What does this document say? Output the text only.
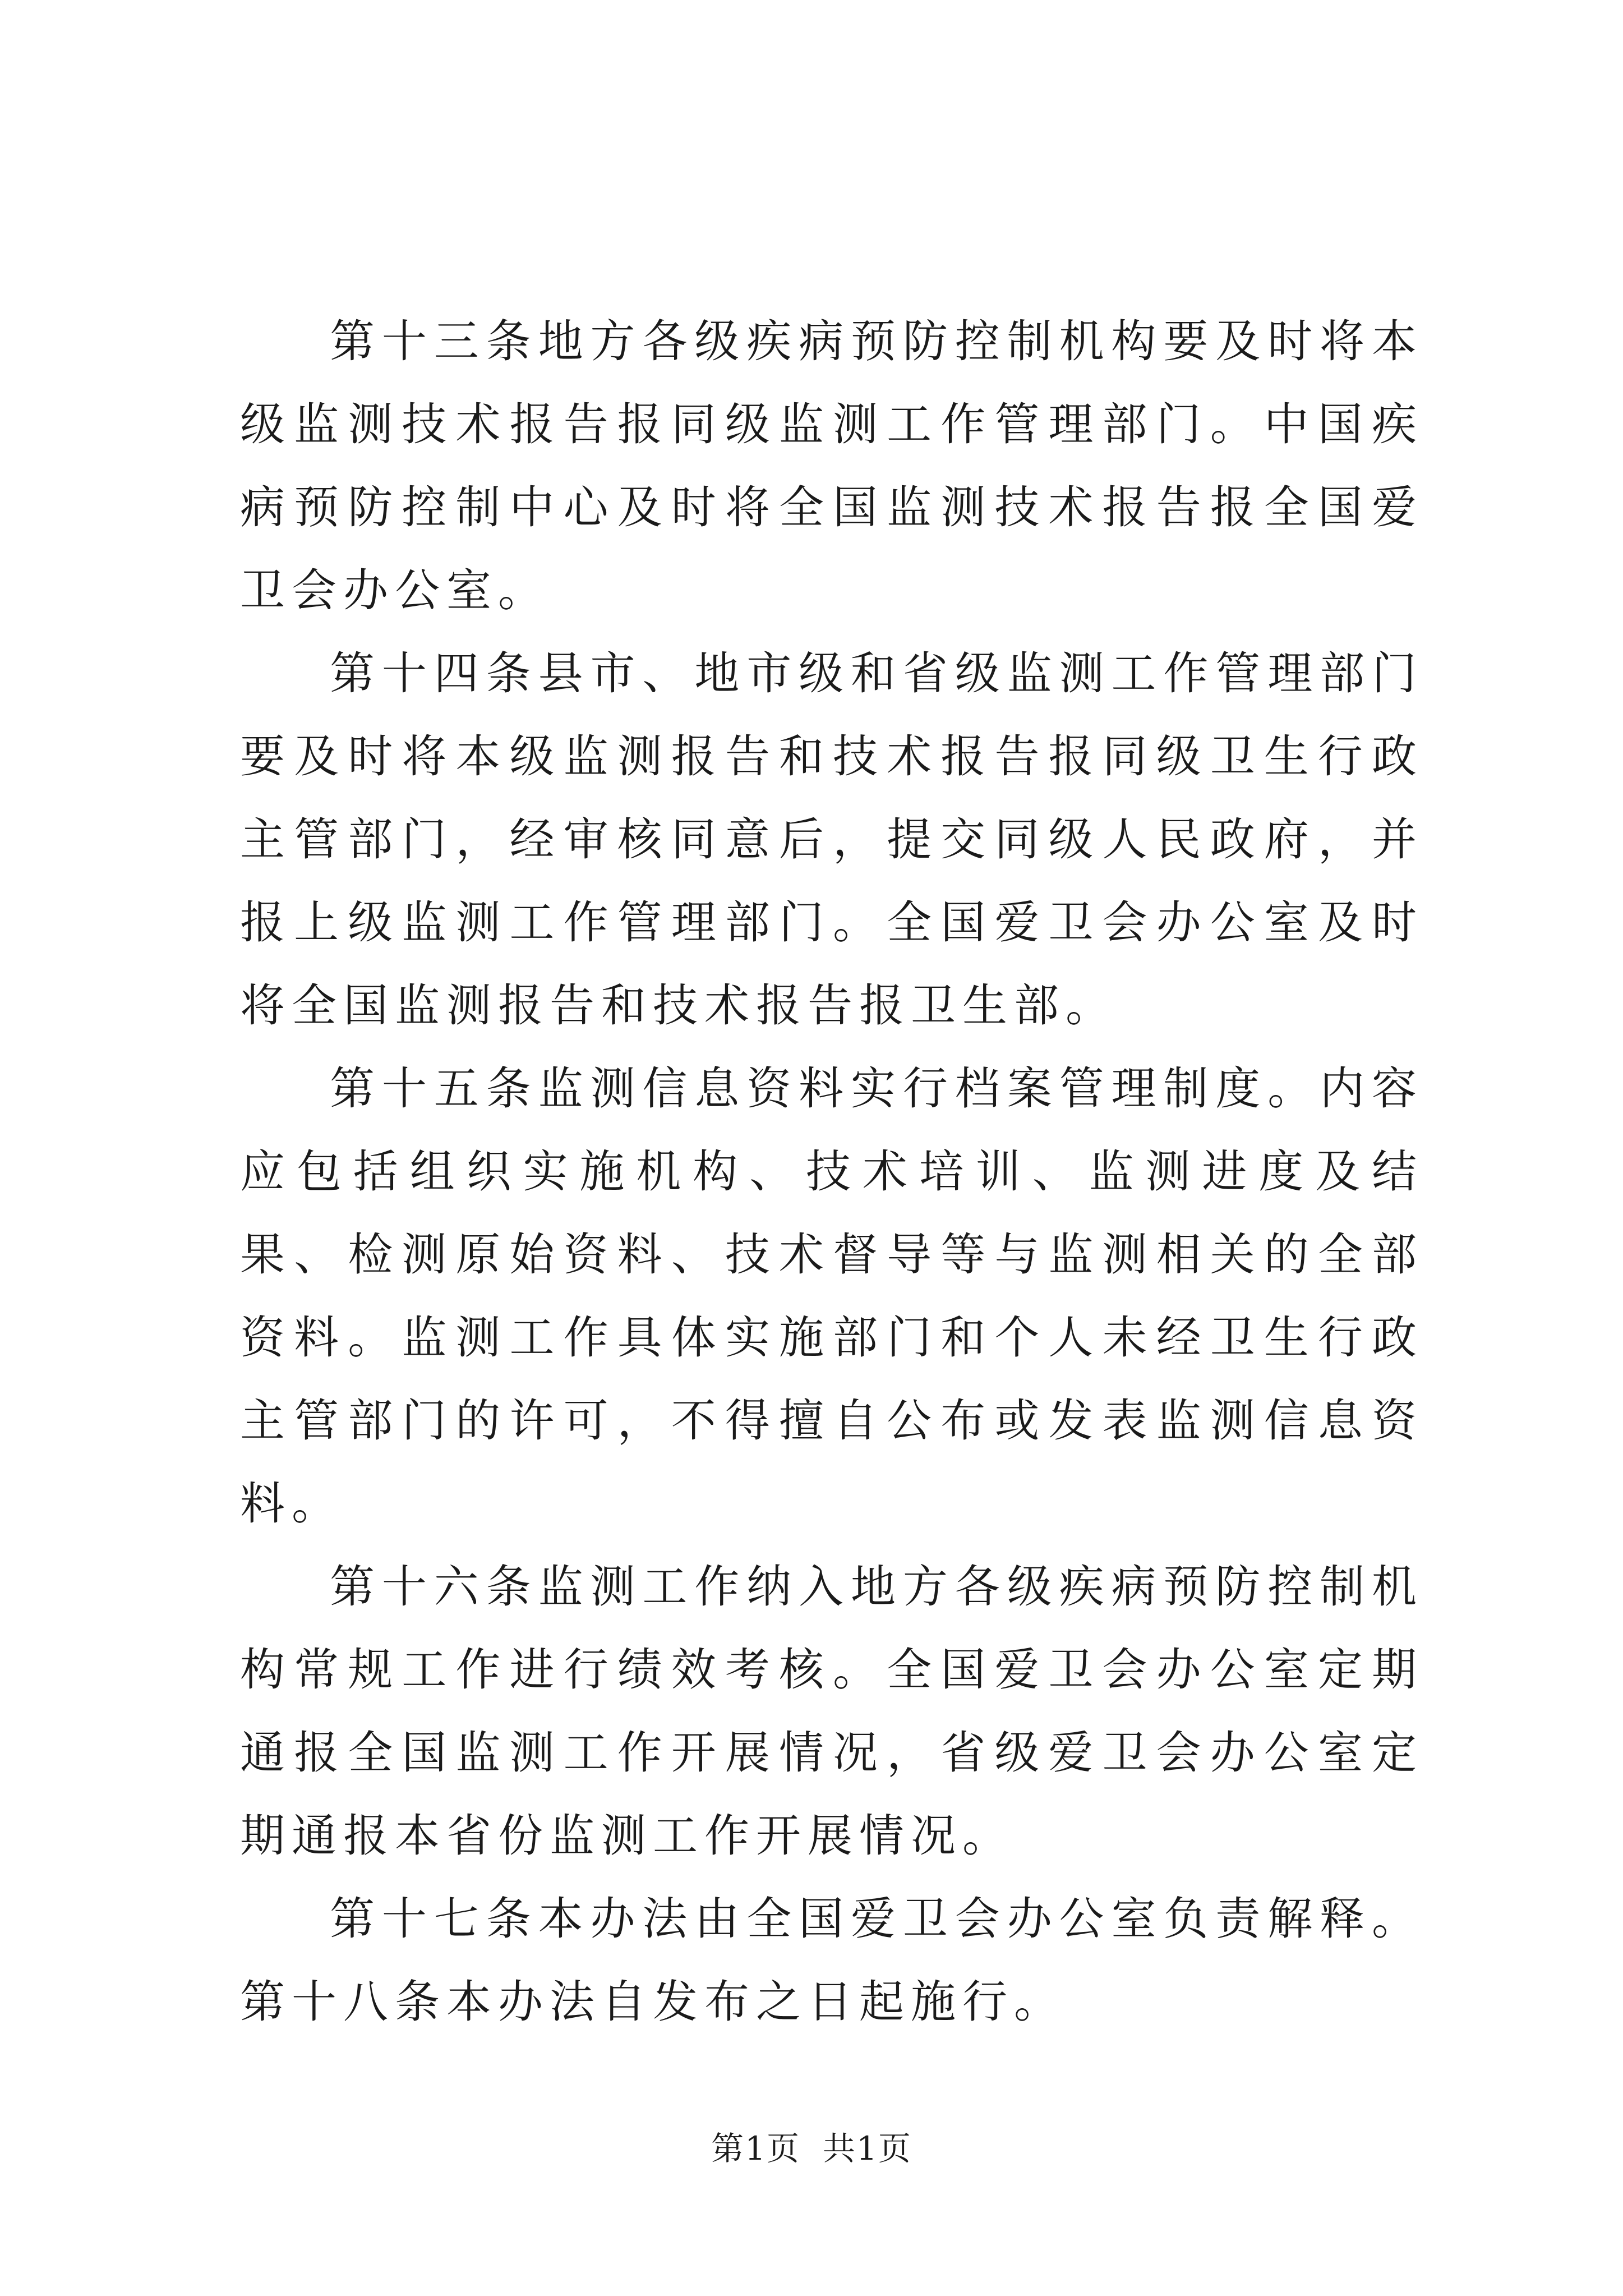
第十三条地方各级疾病预防控制机构要及时将本级监测技术报告报同级监测工作管理部门。中国疾病预防控制中心及时将全国监测技术报告报全国爱卫会办公室。

第十四条县市、地市级和省级监测工作管理部门要及时将本级监测报告和技术报告报同级卫生行政主管部门，经审核同意后，提交同级人民政府，并报上级监测工作管理部门。全国爱卫会办公室及时将全国监测报告和技术报告报卫生部。

第十五条监测信息资料实行档案管理制度。内容应包括组织实施机构、技术培训、监测进度及结果、检测原始资料、技术督导等与监测相关的全部资料。监测工作具体实施部门和个人未经卫生行政主管部门的许可，不得擅自公布或发表监测信息资料。

第十六条监测工作纳入地方各级疾病预防控制机构常规工作进行绩效考核。全国爱卫会办公室定期通报全国监测工作开展情况，省级爱卫会办公室定期通报本省份监测工作开展情况。

第十七条本办法由全国爱卫会办公室负责解释。第十八条本办法自发布之日起施行。

第1页 共1页
